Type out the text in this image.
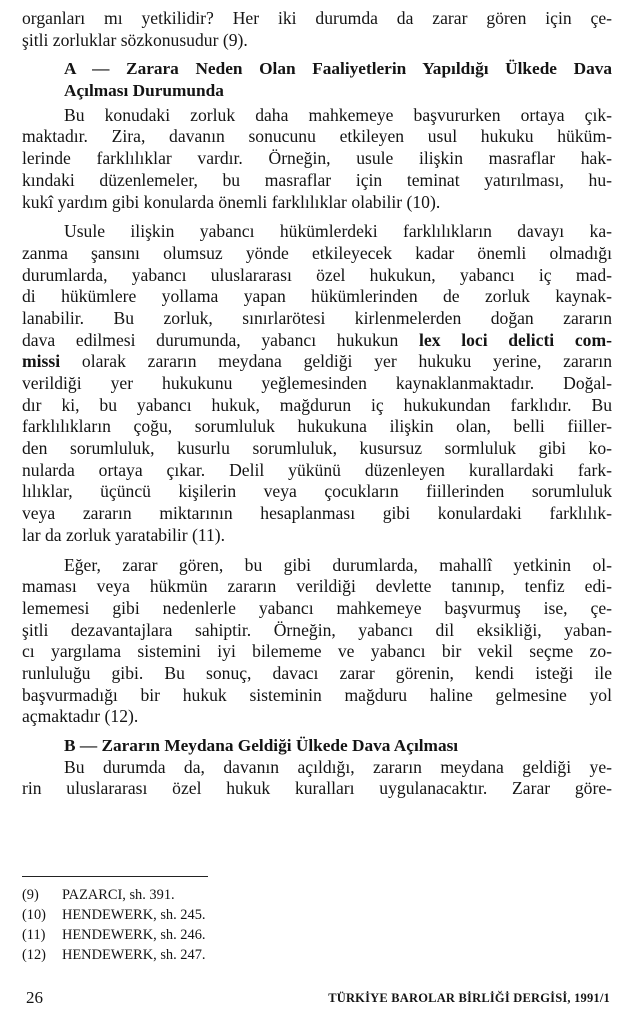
organları mı yetkilidir? Her iki durumda da zarar gören için çe-
şitli zorluklar sözkonusudur (9).
A — Zarara Neden Olan Faaliyetlerin Yapıldığı Ülkede Dava
Açılması Durumunda
Bu konudaki zorluk daha mahkemeye başvururken ortaya çık-
maktadır. Zira, davanın sonucunu etkileyen usul hukuku hüküm-
lerinde farklılıklar vardır. Örneğin, usule ilişkin masraflar hak-
kındaki düzenlemeler, bu masraflar için teminat yatırılması, hu-
kukî yardım gibi konularda önemli farklılıklar olabilir (10).
Usule ilişkin yabancı hükümlerdeki farklılıkların davayı ka-
zanma şansını olumsuz yönde etkileyecek kadar önemli olmadığı
durumlarda, yabancı uluslararası özel hukukun, yabancı iç mad-
di hükümlere yollama yapan hükümlerinden de zorluk kaynak-
lanabilir. Bu zorluk, sınırlarötesi kirlenmelerden doğan zararın
dava edilmesi durumunda, yabancı hukukun lex loci delicti com-
missi olarak zararın meydana geldiği yer hukuku yerine, zararın
verildiği yer hukukunu yeğlemesinden kaynaklanmaktadır. Doğal-
dır ki, bu yabancı hukuk, mağdurun iç hukukundan farklıdır. Bu
farklılıkların çoğu, sorumluluk hukukuna ilişkin olan, belli fiiller-
den sorumluluk, kusurlu sorumluluk, kusursuz sormluluk gibi ko-
nularda ortaya çıkar. Delil yükünü düzenleyen kurallardaki fark-
lılıklar, üçüncü kişilerin veya çocukların fiillerinden sorumluluk
veya zararın miktarının hesaplanması gibi konulardaki farklılık-
lar da zorluk yaratabilir (11).
Eğer, zarar gören, bu gibi durumlarda, mahallî yetkinin ol-
maması veya hükmün zararın verildiği devlette tanınıp, tenfiz edi-
lememesi gibi nedenlerle yabancı mahkemeye başvurmuş ise, çe-
şitli dezavantajlara sahiptir. Örneğin, yabancı dil eksikliği, yaban-
cı yargılama sistemini iyi bilememe ve yabancı bir vekil seçme zo-
runluluğu gibi. Bu sonuç, davacı zarar görenin, kendi isteği ile
başvurmadığı bir hukuk sisteminin mağduru haline gelmesine yol
açmaktadır (12).
B — Zararın Meydana Geldiği Ülkede Dava Açılması
Bu durumda da, davanın açıldığı, zararın meydana geldiği ye-
rin uluslararası özel hukuk kuralları uygulanacaktır. Zarar göre-
(9)	PAZARCI, sh. 391.
(10)	HENDEWERK, sh. 245.
(11)	HENDEWERK, sh. 246.
(12)	HENDEWERK, sh. 247.
26	TÜRKİYE BAROLAR BİRLİĞİ DERGİSİ, 1991/1
